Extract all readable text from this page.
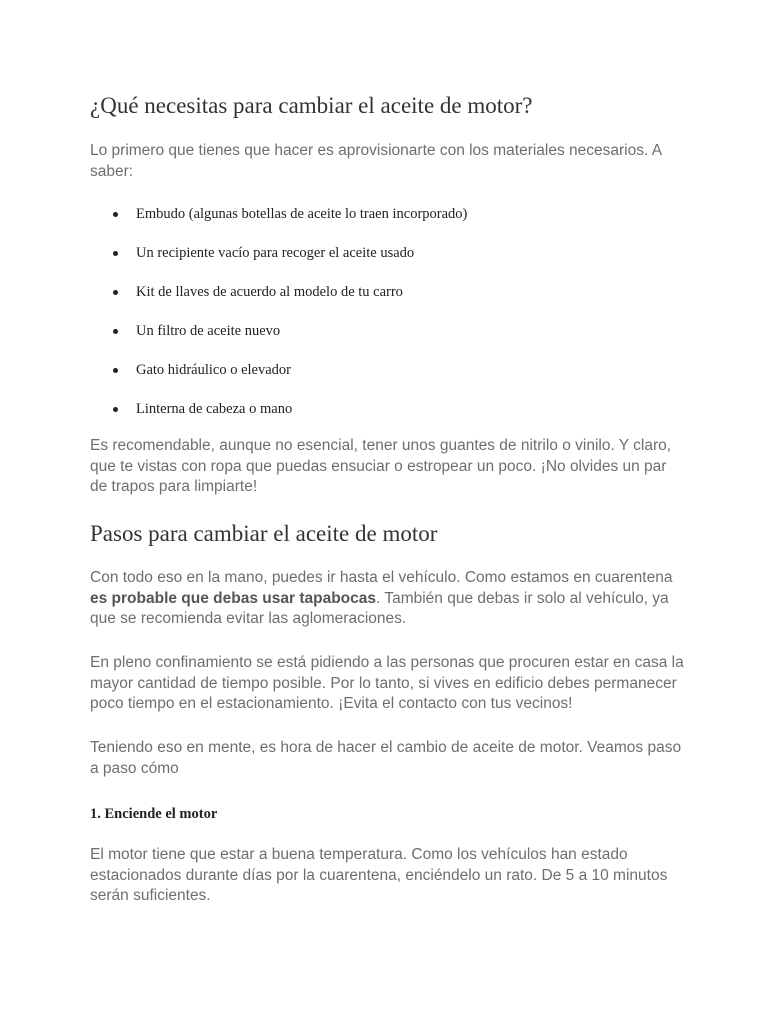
¿Qué necesitas para cambiar el aceite de motor?

Lo primero que tienes que hacer es aprovisionarte con los materiales necesarios. A saber:

Embudo (algunas botellas de aceite lo traen incorporado)
Un recipiente vacío para recoger el aceite usado
Kit de llaves de acuerdo al modelo de tu carro
Un filtro de aceite nuevo
Gato hidráulico o elevador
Linterna de cabeza o mano

Es recomendable, aunque no esencial, tener unos guantes de nitrilo o vinilo. Y claro, que te vistas con ropa que puedas ensuciar o estropear un poco. ¡No olvides un par de trapos para limpiarte!

Pasos para cambiar el aceite de motor

Con todo eso en la mano, puedes ir hasta el vehículo. Como estamos en cuarentena es probable que debas usar tapabocas. También que debas ir solo al vehículo, ya que se recomienda evitar las aglomeraciones.

En pleno confinamiento se está pidiendo a las personas que procuren estar en casa la mayor cantidad de tiempo posible. Por lo tanto, si vives en edificio debes permanecer poco tiempo en el estacionamiento. ¡Evita el contacto con tus vecinos!

Teniendo eso en mente, es hora de hacer el cambio de aceite de motor. Veamos paso a paso cómo

1. Enciende el motor

El motor tiene que estar a buena temperatura. Como los vehículos han estado estacionados durante días por la cuarentena, enciéndelo un rato. De 5 a 10 minutos serán suficientes.
